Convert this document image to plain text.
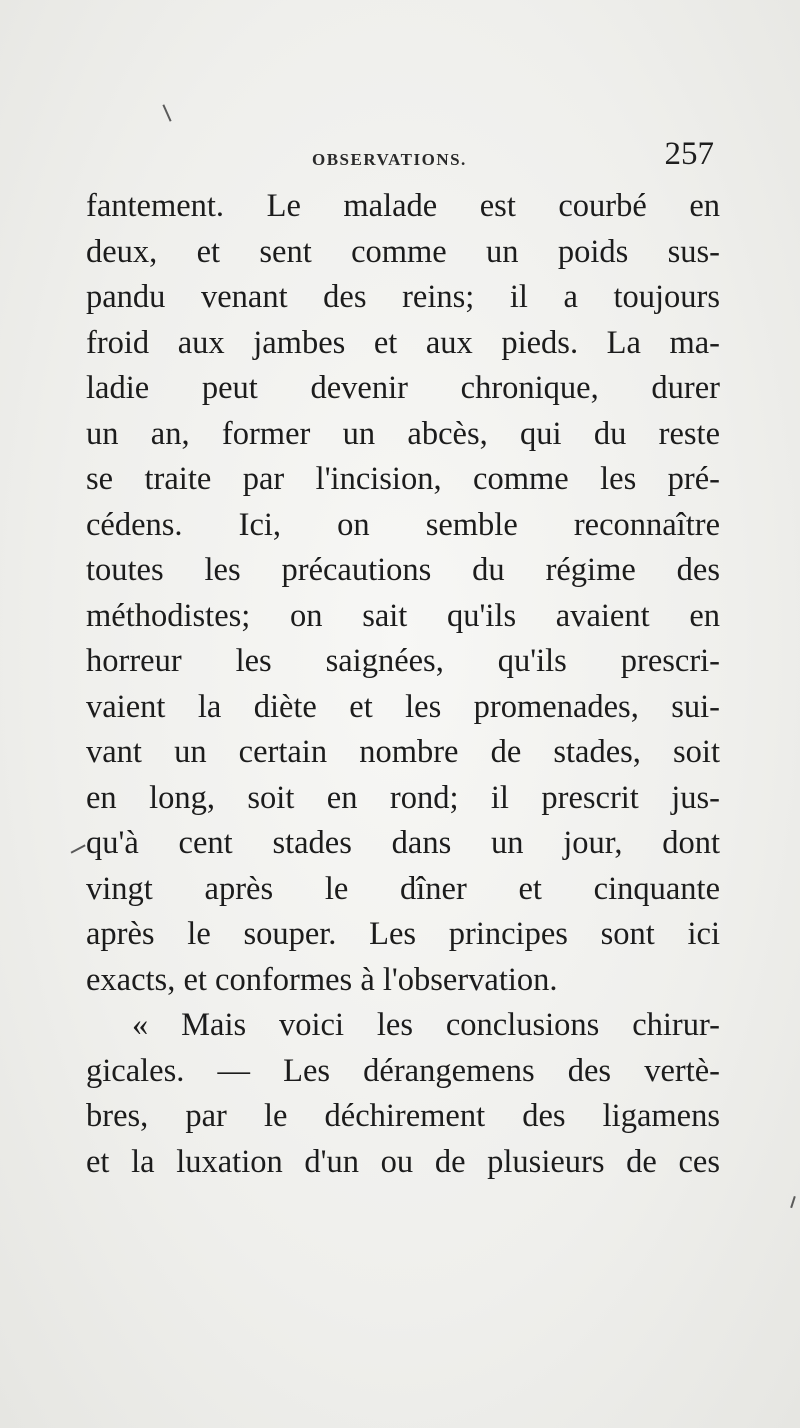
OBSERVATIONS.	257
fantement. Le malade est courbé en
deux, et sent comme un poids sus-
pandu venant des reins; il a toujours
froid aux jambes et aux pieds. La ma-
ladie peut devenir chronique, durer
un an, former un abcès, qui du reste
se traite par l'incision, comme les pré-
cédens. Ici, on semble reconnaître
toutes les précautions du régime des
méthodistes; on sait qu'ils avaient en
horreur les saignées, qu'ils prescri-
vaient la diète et les promenades, sui-
vant un certain nombre de stades, soit
en long, soit en rond; il prescrit jus-
qu'à cent stades dans un jour, dont
vingt après le dîner et cinquante
après le souper. Les principes sont ici
exacts, et conformes à l'observation.
« Mais voici les conclusions chirur-
gicales. — Les dérangemens des vertè-
bres, par le déchirement des ligamens
et la luxation d'un ou de plusieurs de ces
